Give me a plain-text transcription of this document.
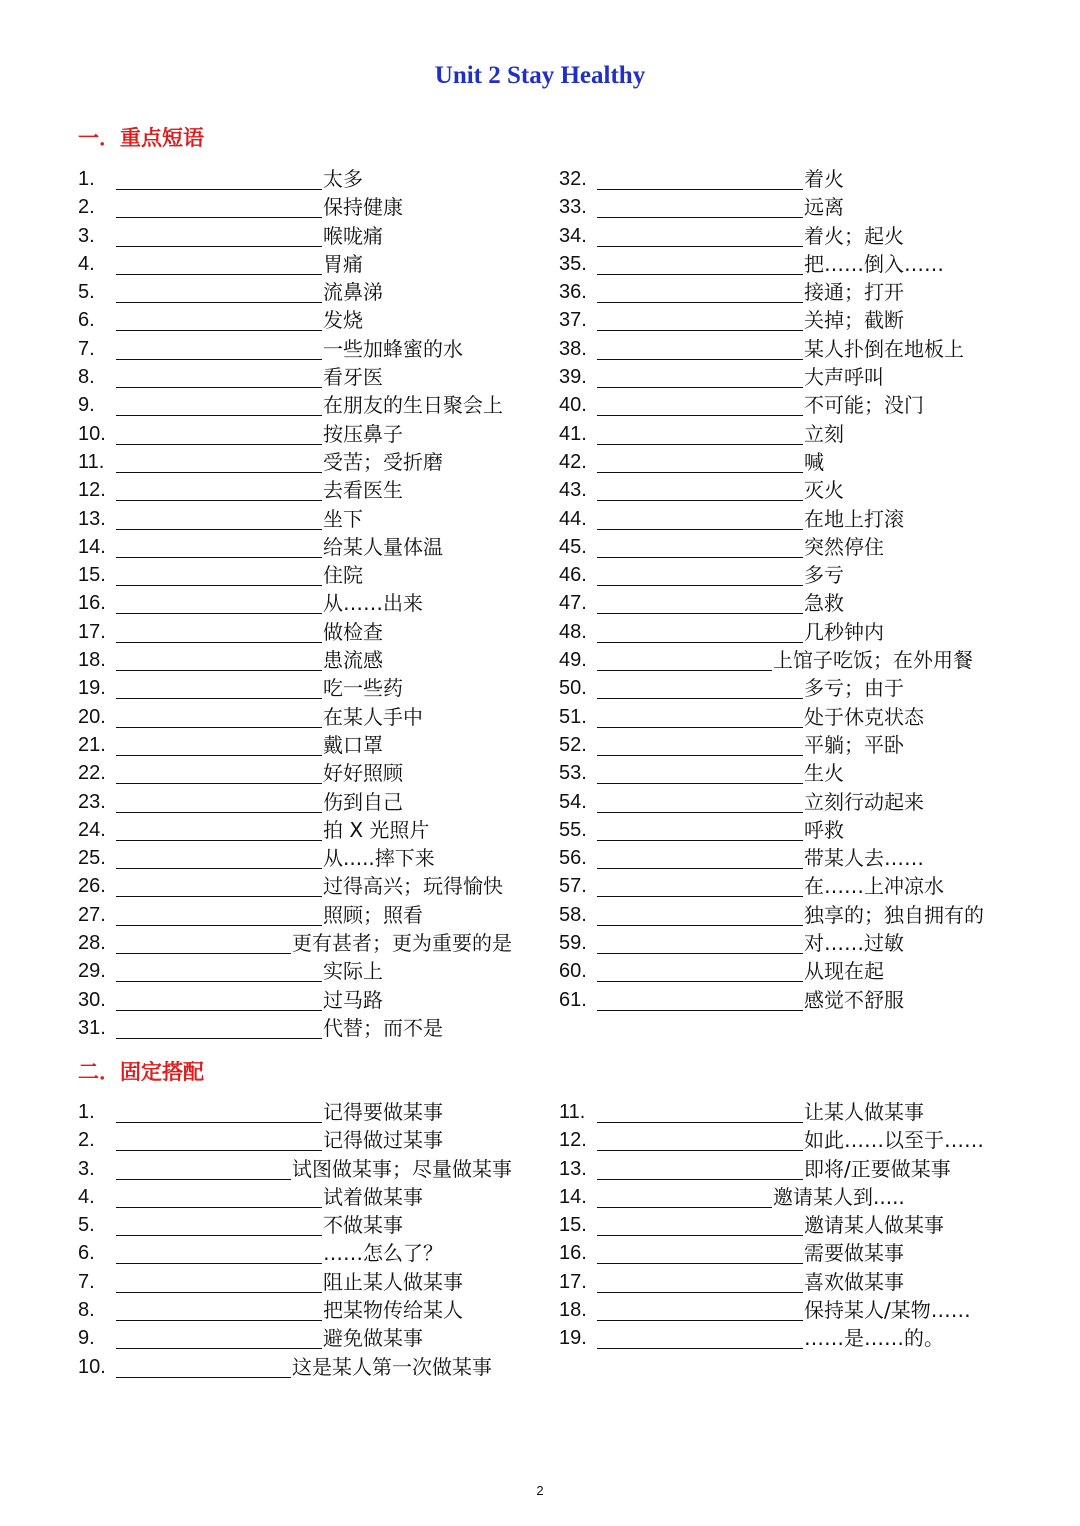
Unit 2 Stay Healthy
一．重点短语
1.	太多
2.	保持健康
3.	喉咙痛
4.	胃痛
5.	流鼻涕
6.	发烧
7.	一些加蜂蜜的水
8.	看牙医
9.	在朋友的生日聚会上
10.	按压鼻子
11.	受苦；受折磨
12.	去看医生
13.	坐下
14.	给某人量体温
15.	住院
16.	从……出来
17.	做检查
18.	患流感
19.	吃一些药
20.	在某人手中
21.	戴口罩
22.	好好照顾
23.	伤到自己
24.	拍 X 光照片
25.	从.....摔下来
26.	过得高兴；玩得愉快
27.	照顾；照看
28.	更有甚者；更为重要的是
29.	实际上
30.	过马路
31.	代替；而不是
32.	着火
33.	远离
34.	着火；起火
35.	把……倒入……
36.	接通；打开
37.	关掉；截断
38.	某人扑倒在地板上
39.	大声呼叫
40.	不可能；没门
41.	立刻
42.	喊
43.	灭火
44.	在地上打滚
45.	突然停住
46.	多亏
47.	急救
48.	几秒钟内
49.	上馆子吃饭；在外用餐
50.	多亏；由于
51.	处于休克状态
52.	平躺；平卧
53.	生火
54.	立刻行动起来
55.	呼救
56.	带某人去……
57.	在……上冲凉水
58.	独享的；独自拥有的
59.	对……过敏
60.	从现在起
61.	感觉不舒服
二．固定搭配
1.	记得要做某事
2.	记得做过某事
3.	试图做某事；尽量做某事
4.	试着做某事
5.	不做某事
6.	……怎么了？
7.	阻止某人做某事
8.	把某物传给某人
9.	避免做某事
10.	这是某人第一次做某事
11.	让某人做某事
12.	如此……以至于……
13.	即将/正要做某事
14.	邀请某人到.....
15.	邀请某人做某事
16.	需要做某事
17.	喜欢做某事
18.	保持某人/某物……
19.	……是……的。
2
